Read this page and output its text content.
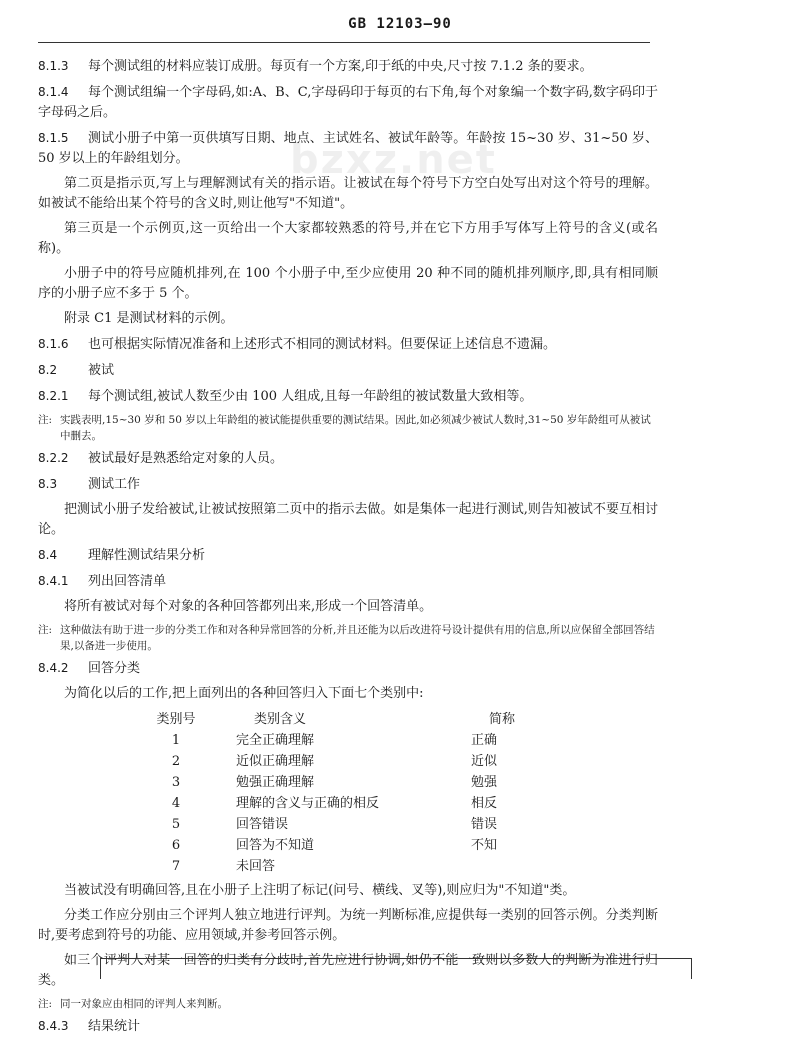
GB 12103—90
bzxz.net

8.1.3 每个测试组的材料应装订成册。每页有一个方案,印于纸的中央,尺寸按 7.1.2 条的要求。

8.1.4 每个测试组编一个字母码,如:A、B、C,字母码印于每页的右下角,每个对象编一个数字码,数字码印于字母码之后。

8.1.5 测试小册子中第一页供填写日期、地点、主试姓名、被试年龄等。年龄按 15~30 岁、31~50 岁、50 岁以上的年龄组划分。

第二页是指示页,写上与理解测试有关的指示语。让被试在每个符号下方空白处写出对这个符号的理解。如被试不能给出某个符号的含义时,则让他写"不知道"。

第三页是一个示例页,这一页给出一个大家都较熟悉的符号,并在它下方用手写体写上符号的含义(或名称)。

小册子中的符号应随机排列,在 100 个小册子中,至少应使用 20 种不同的随机排列顺序,即,具有相同顺序的小册子应不多于 5 个。

附录 C1 是测试材料的示例。

8.1.6 也可根据实际情况准备和上述形式不相同的测试材料。但要保证上述信息不遗漏。

8.2 被试

8.2.1 每个测试组,被试人数至少由 100 人组成,且每一年龄组的被试数量大致相等。

注: 实践表明,15~30 岁和 50 岁以上年龄组的被试能提供重要的测试结果。因此,如必须减少被试人数时,31~50 岁年龄组可从被试中删去。

8.2.2 被试最好是熟悉给定对象的人员。

8.3 测试工作

把测试小册子发给被试,让被试按照第二页中的指示去做。如是集体一起进行测试,则告知被试不要互相讨论。

8.4 理解性测试结果分析

8.4.1 列出回答清单

将所有被试对每个对象的各种回答都列出来,形成一个回答清单。

注: 这种做法有助于进一步的分类工作和对各种异常回答的分析,并且还能为以后改进符号设计提供有用的信息,所以应保留全部回答结果,以备进一步使用。

8.4.2 回答分类

为简化以后的工作,把上面列出的各种回答归入下面七个类别中:

类别号	类别含义	简称
1	完全正确理解	正确
2	近似正确理解	近似
3	勉强正确理解	勉强
4	理解的含义与正确的相反	相反
5	回答错误	错误
6	回答为不知道	不知
7	未回答

当被试没有明确回答,且在小册子上注明了标记(问号、横线、叉等),则应归为"不知道"类。

分类工作应分别由三个评判人独立地进行评判。为统一判断标准,应提供每一类别的回答示例。分类判断时,要考虑到符号的功能、应用领域,并参考回答示例。

如三个评判人对某一回答的归类有分歧时,首先应进行协调,如仍不能一致则以多数人的判断为准进行归类。

注: 同一对象应由相同的评判人来判断。

8.4.3 结果统计
